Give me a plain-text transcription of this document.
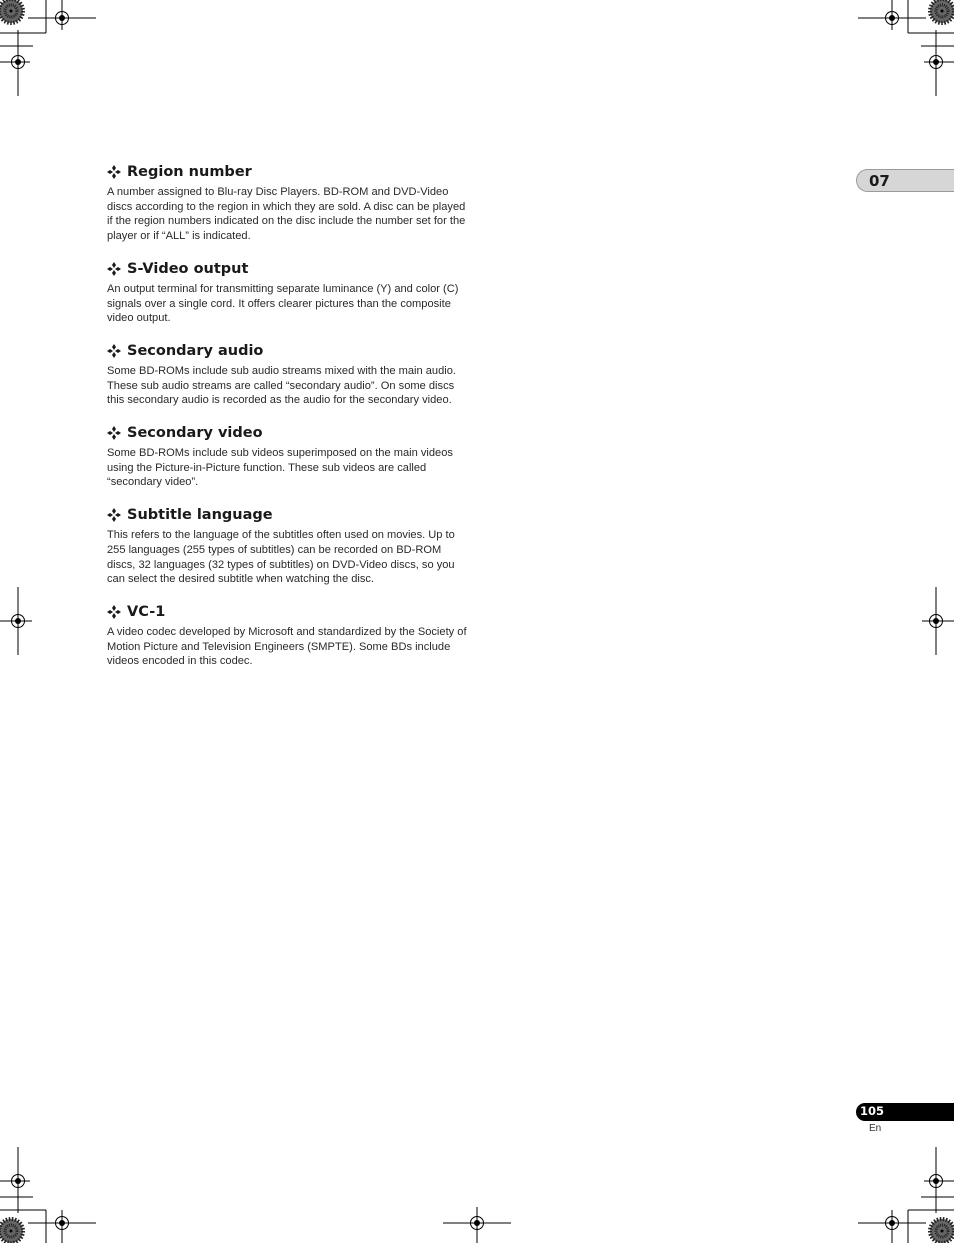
Region number

A number assigned to Blu-ray Disc Players. BD-ROM and DVD-Video discs according to the region in which they are sold. A disc can be played if the region numbers indicated on the disc include the number set for the player or if “ALL” is indicated.

S-Video output

An output terminal for transmitting separate luminance (Y) and color (C) signals over a single cord. It offers clearer pictures than the composite video output.

Secondary audio

Some BD-ROMs include sub audio streams mixed with the main audio. These sub audio streams are called “secondary audio”. On some discs this secondary audio is recorded as the audio for the secondary video.

Secondary video

Some BD-ROMs include sub videos superimposed on the main videos using the Picture-in-Picture function. These sub videos are called “secondary video”.

Subtitle language

This refers to the language of the subtitles often used on movies. Up to 255 languages (255 types of subtitles) can be recorded on BD-ROM discs, 32 languages (32 types of subtitles) on DVD-Video discs, so you can select the desired subtitle when watching the disc.

VC-1

A video codec developed by Microsoft and standardized by the Society of Motion Picture and Television Engineers (SMPTE). Some BDs include videos encoded in this codec.

07
105
En
